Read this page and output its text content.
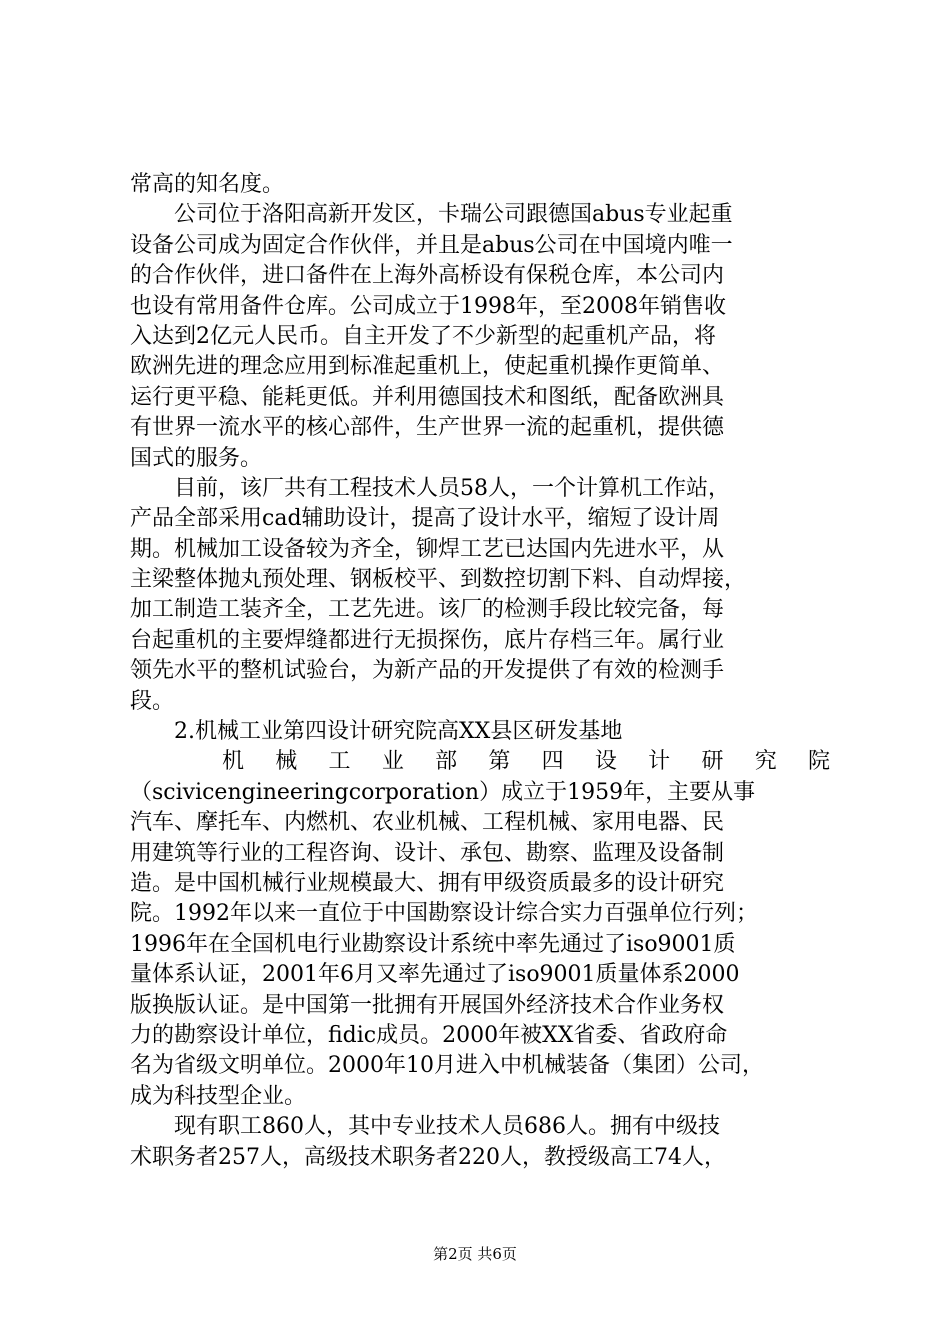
常高的知名度。
公司位于洛阳高新开发区，卡瑞公司跟德国abus专业起重
设备公司成为固定合作伙伴，并且是abus公司在中国境内唯一
的合作伙伴，进口备件在上海外高桥设有保税仓库，本公司内
也设有常用备件仓库。公司成立于1998年，至2008年销售收
入达到2亿元人民币。自主开发了不少新型的起重机产品，将
欧洲先进的理念应用到标准起重机上，使起重机操作更简单、
运行更平稳、能耗更低。并利用德国技术和图纸，配备欧洲具
有世界一流水平的核心部件，生产世界一流的起重机，提供德
国式的服务。
目前，该厂共有工程技术人员58人，一个计算机工作站，
产品全部采用cad辅助设计，提高了设计水平，缩短了设计周
期。机械加工设备较为齐全，铆焊工艺已达国内先进水平，从
主梁整体抛丸预处理、钢板校平、到数控切割下料、自动焊接，
加工制造工装齐全，工艺先进。该厂的检测手段比较完备，每
台起重机的主要焊缝都进行无损探伤，底片存档三年。属行业
领先水平的整机试验台，为新产品的开发提供了有效的检测手
段。
2.机械工业第四设计研究院高XX县区研发基地
机械工业部第四设计研究院
（scivicengineeringcorporation）成立于1959年，主要从事
汽车、摩托车、内燃机、农业机械、工程机械、家用电器、民
用建筑等行业的工程咨询、设计、承包、勘察、监理及设备制
造。是中国机械行业规模最大、拥有甲级资质最多的设计研究
院。1992年以来一直位于中国勘察设计综合实力百强单位行列；
1996年在全国机电行业勘察设计系统中率先通过了iso9001质
量体系认证，2001年6月又率先通过了iso9001质量体系2000
版换版认证。是中国第一批拥有开展国外经济技术合作业务权
力的勘察设计单位，fidic成员。2000年被XX省委、省政府命
名为省级文明单位。2000年10月进入中机械装备（集团）公司，
成为科技型企业。
现有职工860人，其中专业技术人员686人。拥有中级技
术职务者257人，高级技术职务者220人，教授级高工74人，
第2页 共6页
